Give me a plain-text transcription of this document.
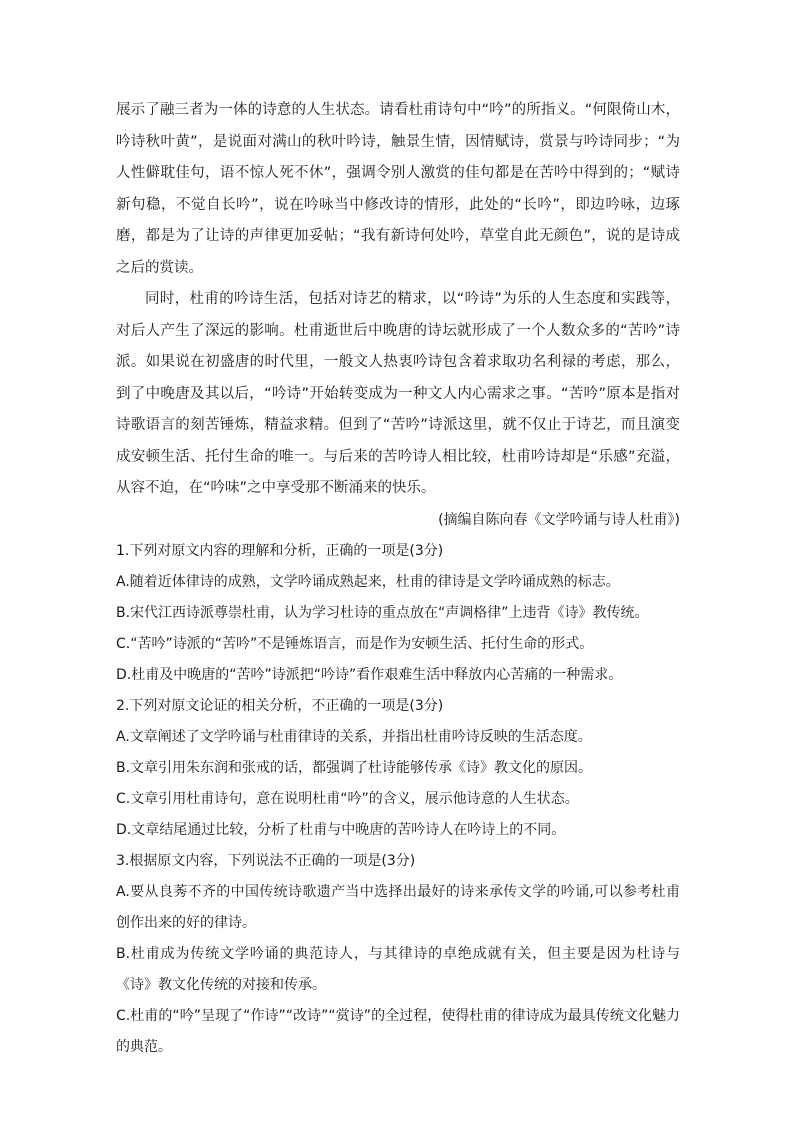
展示了融三者为一体的诗意的人生状态。请看杜甫诗句中“吟”的所指义。“何限倚山木，吟诗秋叶黄”，是说面对满山的秋叶吟诗，触景生情，因情赋诗，赏景与吟诗同步；“为人性僻耽佳句，语不惊人死不休”，强调令别人激赏的佳句都是在苦吟中得到的；“赋诗新句稳，不觉自长吟”，说在吟咏当中修改诗的情形，此处的“长吟”，即边吟咏，边琢磨，都是为了让诗的声律更加妥帖；“我有新诗何处吟，草堂自此无颜色”，说的是诗成之后的赏读。

同时，杜甫的吟诗生活，包括对诗艺的精求，以“吟诗”为乐的人生态度和实践等，对后人产生了深远的影响。杜甫逝世后中晚唐的诗坛就形成了一个人数众多的“苦吟”诗派。如果说在初盛唐的时代里，一般文人热衷吟诗包含着求取功名利禄的考虑，那么，到了中晚唐及其以后，“吟诗”开始转变成为一种文人内心需求之事。“苦吟”原本是指对诗歌语言的刻苦锤炼，精益求精。但到了“苦吟”诗派这里，就不仅止于诗艺，而且演变成安顿生活、托付生命的唯一。与后来的苦吟诗人相比较，杜甫吟诗却是“乐感”充溢，从容不迫，在“吟味”之中享受那不断涌来的快乐。

(摘编自陈向春《文学吟诵与诗人杜甫》)

1.下列对原文内容的理解和分析，正确的一项是(3分)

A.随着近体律诗的成熟，文学吟诵成熟起来，杜甫的律诗是文学吟诵成熟的标志。

B.宋代江西诗派尊崇杜甫，认为学习杜诗的重点放在“声调格律”上违背《诗》教传统。

C.“苦吟”诗派的“苦吟”不是锤炼语言，而是作为安顿生活、托付生命的形式。

D.杜甫及中晚唐的“苦吟”诗派把“吟诗”看作艰难生活中释放内心苦痛的一种需求。

2.下列对原文论证的相关分析，不正确的一项是(3分)

A.文章阐述了文学吟诵与杜甫律诗的关系，并指出杜甫吟诗反映的生活态度。

B.文章引用朱东润和张戒的话，都强调了杜诗能够传承《诗》教文化的原因。

C.文章引用杜甫诗句，意在说明杜甫“吟”的含义，展示他诗意的人生状态。

D.文章结尾通过比较，分析了杜甫与中晚唐的苦吟诗人在吟诗上的不同。

3.根据原文内容，下列说法不正确的一项是(3分)

A.要从良莠不齐的中国传统诗歌遗产当中选择出最好的诗来承传文学的吟诵,可以参考杜甫创作出来的好的律诗。

B.杜甫成为传统文学吟诵的典范诗人，与其律诗的卓绝成就有关，但主要是因为杜诗与《诗》教文化传统的对接和传承。

C.杜甫的“吟”呈现了“作诗”“改诗”“赏诗”的全过程，使得杜甫的律诗成为最具传统文化魅力的典范。
